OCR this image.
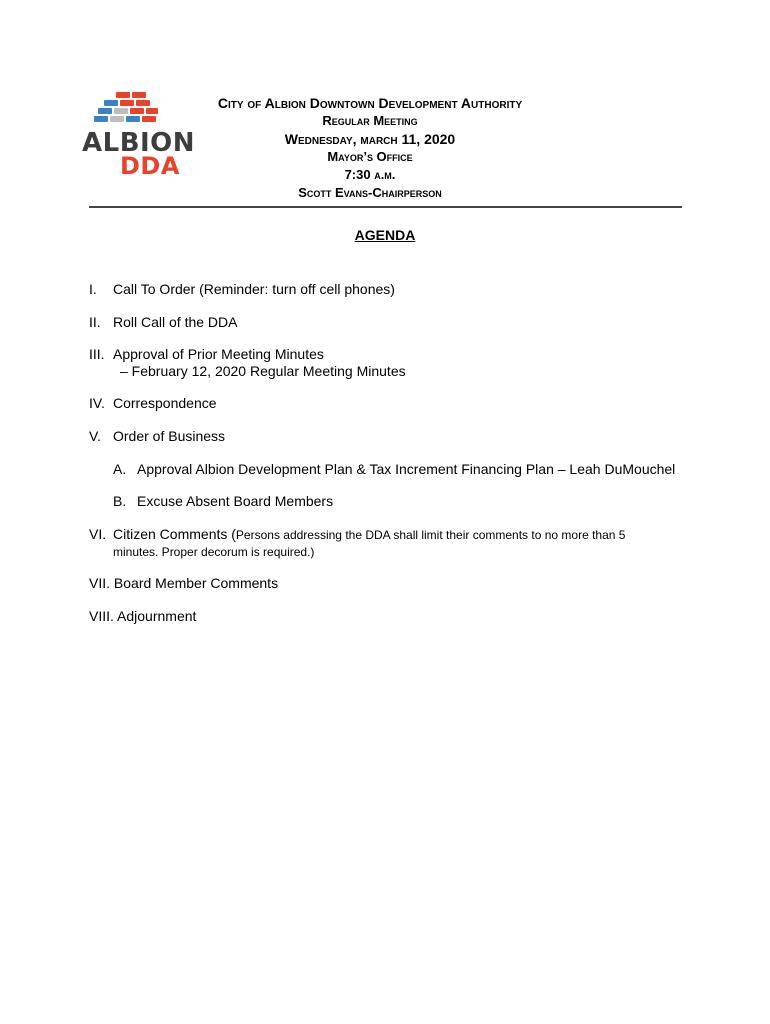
ALBION
DDA
City of Albion Downtown Development Authority
Regular Meeting
Wednesday, march 11, 2020
Mayor’s Office
7:30 a.m.
Scott Evans-Chairperson
AGENDA
I. Call To Order (Reminder: turn off cell phones)
II. Roll Call of the DDA
III. Approval of Prior Meeting Minutes
– February 12, 2020 Regular Meeting Minutes
IV. Correspondence
V. Order of Business
A. Approval Albion Development Plan & Tax Increment Financing Plan – Leah DuMouchel
B. Excuse Absent Board Members
VI. Citizen Comments (Persons addressing the DDA shall limit their comments to no more than 5
minutes. Proper decorum is required.)
VII. Board Member Comments
VIII. Adjournment
